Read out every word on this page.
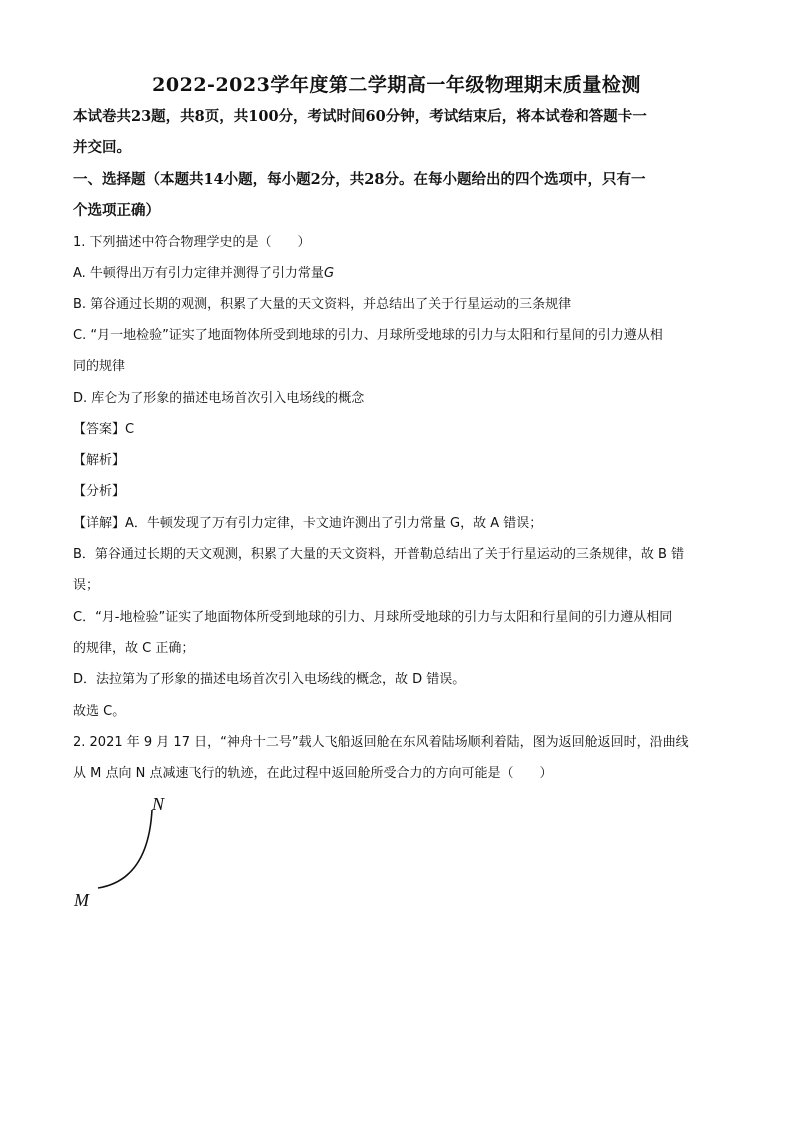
2022-2023学年度第二学期高一年级物理期末质量检测
本试卷共23题，共8页，共100分，考试时间60分钟，考试结束后，将本试卷和答题卡一
并交回。
一、选择题（本题共14小题，每小题2分，共28分。在每小题给出的四个选项中，只有一
个选项正确）
1. 下列描述中符合物理学史的是（　　）
A. 牛顿得出万有引力定律并测得了引力常量G
B. 第谷通过长期的观测，积累了大量的天文资料，并总结出了关于行星运动的三条规律
C. “月一地检验”证实了地面物体所受到地球的引力、月球所受地球的引力与太阳和行星间的引力遵从相
同的规律
D. 库仑为了形象的描述电场首次引入电场线的概念
【答案】C
【解析】
【分析】
【详解】A．牛顿发现了万有引力定律，卡文迪许测出了引力常量 G，故 A 错误；
B．第谷通过长期的天文观测，积累了大量的天文资料，开普勒总结出了关于行星运动的三条规律，故 B 错
误；
C．“月-地检验”证实了地面物体所受到地球的引力、月球所受地球的引力与太阳和行星间的引力遵从相同
的规律，故 C 正确；
D．法拉第为了形象的描述电场首次引入电场线的概念，故 D 错误。
故选 C。
2. 2021 年 9 月 17 日，“神舟十二号”载人飞船返回舱在东风着陆场顺利着陆，图为返回舱返回时，沿曲线
从 M 点向 N 点减速飞行的轨迹，在此过程中返回舱所受合力的方向可能是（　　）
N
M
